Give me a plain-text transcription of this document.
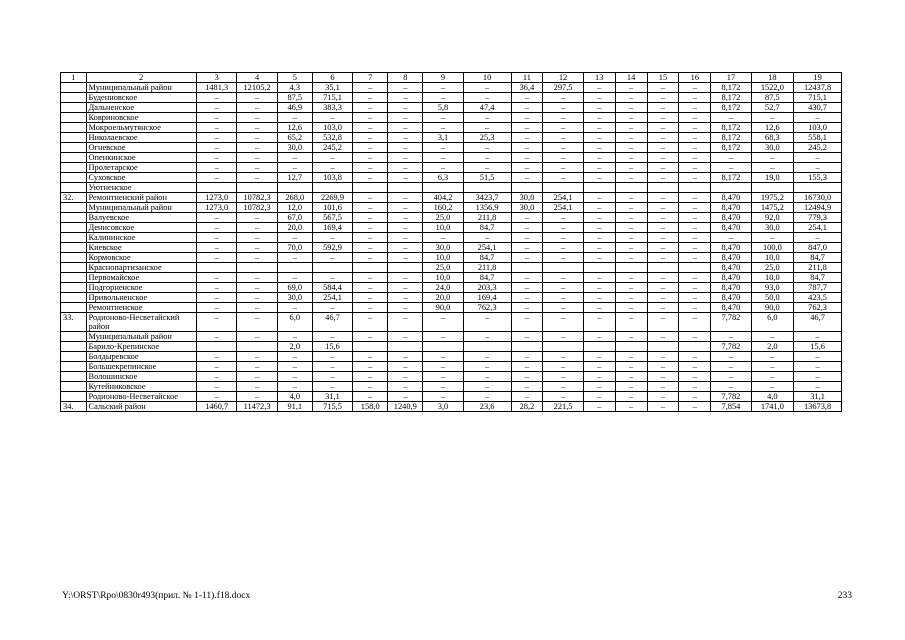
1	2	3	4	5	6	7	8	9	10	11	12	13	14	15	16	17	18	19
	Муниципальный район	1481,3	12105,2	4,3	35,1	–	–	–	–	36,4	297,5	–	–	–	–	8,172	1522,0	12437,8
	Буденновское	–	–	87,5	715,1	–	–	–	–	–	–	–	–	–	–	8,172	87,5	715,1
	Дальненское	–	–	46,9	383,3	–	–	5,8	47,4	–	–	–	–	–	–	8,172	52,7	430,7
	Ковриновское	–	–	–	–	–	–	–	–	–	–	–	–	–	–	–	–	–
	Мокроельмутянское	–	–	12,6	103,0	–	–	–	–	–	–	–	–	–	–	8,172	12,6	103,0
	Николаевское	–	–	65,2	532,8	–	–	3,1	25,3	–	–	–	–	–	–	8,172	68,3	558,1
	Огневское	–	–	30,0	245,2	–	–	–	–	–	–	–	–	–	–	8,172	30,0	245,2
	Опенкинское	–	–	–	–	–	–	–	–	–	–	–	–	–	–	–	–	–
	Пролетарское	–	–	–	–	–	–	–	–	–	–	–	–	–	–	–	–	–
	Суховское	–	–	12,7	103,8	–	–	6,3	51,5	–	–	–	–	–	–	8,172	19,0	155,3
	Уютненское																	
32.	Ремонтненский район	1273,0	10782,3	268,0	2269,9	–	–	404,2	3423,7	30,0	254,1	–	–	–	–	8,470	1975,2	16730,0
	Муниципальный район	1273,0	10782,3	12,0	101,6	–	–	160,2	1356,9	30,0	254,1	–	–	–	–	8,470	1475,2	12494,9
	Валуевское	–	–	67,0	567,5	–	–	25,0	211,8	–	–	–	–	–	–	8,470	92,0	779,3
	Денисовское	–	–	20,0	169,4	–	–	10,0	84,7	–	–	–	–	–	–	8,470	30,0	254,1
	Калининское	–	–	–	–	–	–	–	–	–	–	–	–	–	–	–	–	–
	Киевское	–	–	70,0	592,9	–	–	30,0	254,1	–	–	–	–	–	–	8,470	100,0	847,0
	Кормовское	–	–	–	–	–	–	10,0	84,7	–	–	–	–	–	–	8,470	10,0	84,7
	Краснопартизанское							25,0	211,8							8,470	25,0	211,8
	Первомайское	–	–	–	–	–	–	10,0	84,7	–	–	–	–	–	–	8,470	10,0	84,7
	Подгорненское	–	–	69,0	584,4	–	–	24,0	203,3	–	–	–	–	–	–	8,470	93,0	787,7
	Привольненское	–	–	30,0	254,1	–	–	20,0	169,4	–	–	–	–	–	–	8,470	50,0	423,5
	Ремонтненское	–	–	–	–	–	–	90,0	762,3	–	–	–	–	–	–	8,470	90,0	762,3
33.	Родионово-Несветайский район	–	–	6,0	46,7	–	–	–	–	–	–	–	–	–	–	7,782	6,0	46,7
	Муниципальный район	–	–	–	–	–	–	–	–	–	–	–	–	–	–	–	–	–
	Барило-Крепинское			2,0	15,6											7,782	2,0	15,6
	Болдыревское	–	–	–	–	–	–	–	–	–	–	–	–	–	–	–	–	–
	Большекрепинское	–	–	–	–	–	–	–	–	–	–	–	–	–	–	–	–	–
	Волошинское	–	–	–	–	–	–	–	–	–	–	–	–	–	–	–	–	–
	Кутейниковское	–	–	–	–	–	–	–	–	–	–	–	–	–	–	–	–	–
	Родионово-Несветайское	–	–	4,0	31,1	–	–	–	–	–	–	–	–	–	–	7,782	4,0	31,1
34.	Сальский район	1460,7	11472,3	91,1	715,5	158,0	1240,9	3,0	23,6	28,2	221,5	–	–	–	–	7,854	1741,0	13673,8
Y:\ORST\Rpo\0830r493(прил. № 1-11).f18.docx	233
